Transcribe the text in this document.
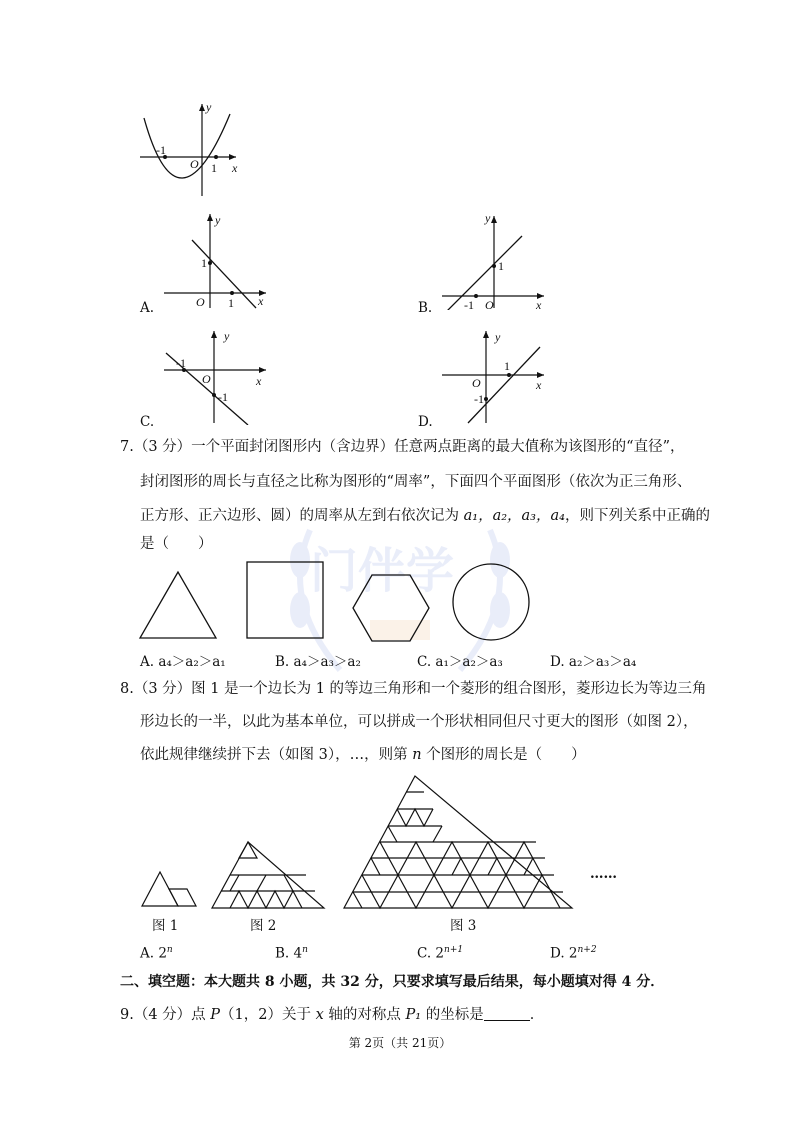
门伴学
y
x
O
-1
1
y
x
O
1
1
A.
y
x
O
-1
1
B.
y
x
O
-1
-1
C.
y
x
O
1
-1
D.
7.（3 分）一个平面封闭图形内（含边界）任意两点距离的最大值称为该图形的“直径”，
封闭图形的周长与直径之比称为图形的“周率”，下面四个平面图形（依次为正三角形、
正方形、正六边形、圆）的周率从左到右依次记为 a₁，a₂，a₃，a₄，则下列关系中正确的
是（　　）
A. a₄＞a₂＞a₁	B. a₄＞a₃＞a₂	C. a₁＞a₂＞a₃	D. a₂＞a₃＞a₄
8.（3 分）图 1 是一个边长为 1 的等边三角形和一个菱形的组合图形，菱形边长为等边三角
形边长的一半，以此为基本单位，可以拼成一个形状相同但尺寸更大的图形（如图 2），
依此规律继续拼下去（如图 3），…，则第 n 个图形的周长是（　　）
图 1	图 2	图 3
……
A. 2$^n$	B. 4$^n$	C. $2^{n+1}$	D. $2^{n+2}$
二、填空题：本大题共 8 小题，共 32 分，只要求填写最后结果，每小题填对得 4 分．
9.（4 分）点 P（1，2）关于 x 轴的对称点 P₁ 的坐标是	．
第 2页（共 21页）
